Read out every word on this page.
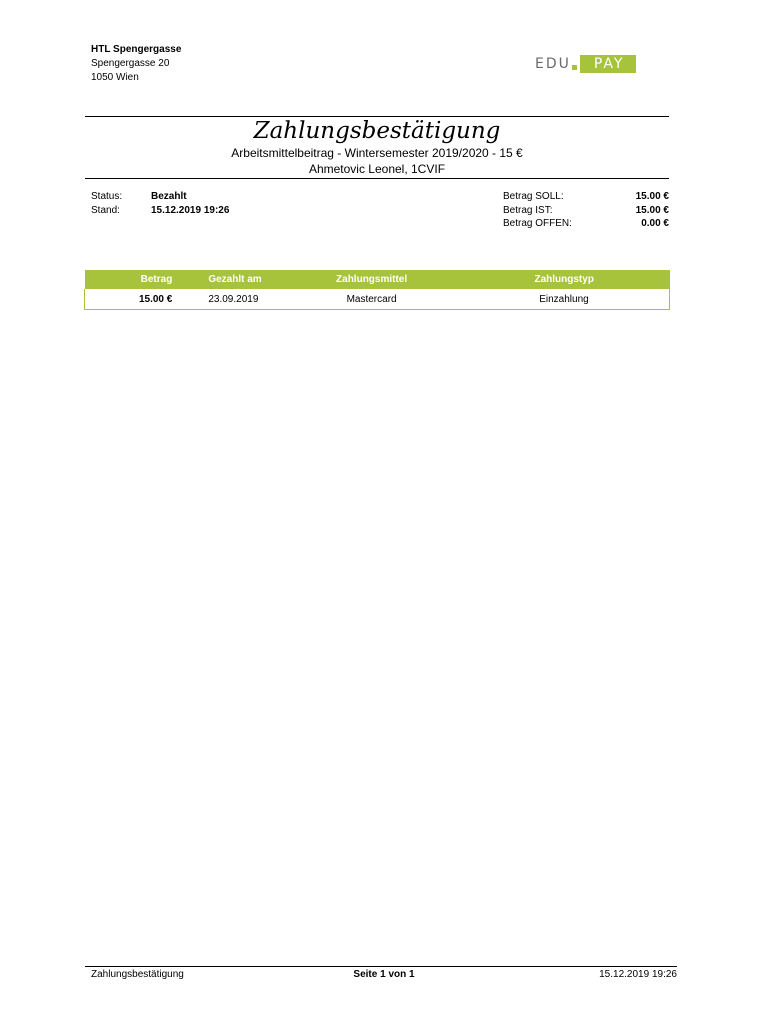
HTL Spengergasse
Spengergasse 20
1050 Wien
EDU	PAY
Zahlungsbestätigung
Arbeitsmittelbeitrag - Wintersemester 2019/2020 - 15 €
Ahmetovic Leonel, 1CVIF
Status:	Bezahlt
Stand:	15.12.2019 19:26
Betrag SOLL:	15.00 €
Betrag IST:	15.00 €
Betrag OFFEN:	0.00 €
Betrag	Gezahlt am	Zahlungsmittel	Zahlungstyp
15.00 €	23.09.2019	Mastercard	Einzahlung
Zahlungsbestätigung	Seite 1 von 1	15.12.2019 19:26
